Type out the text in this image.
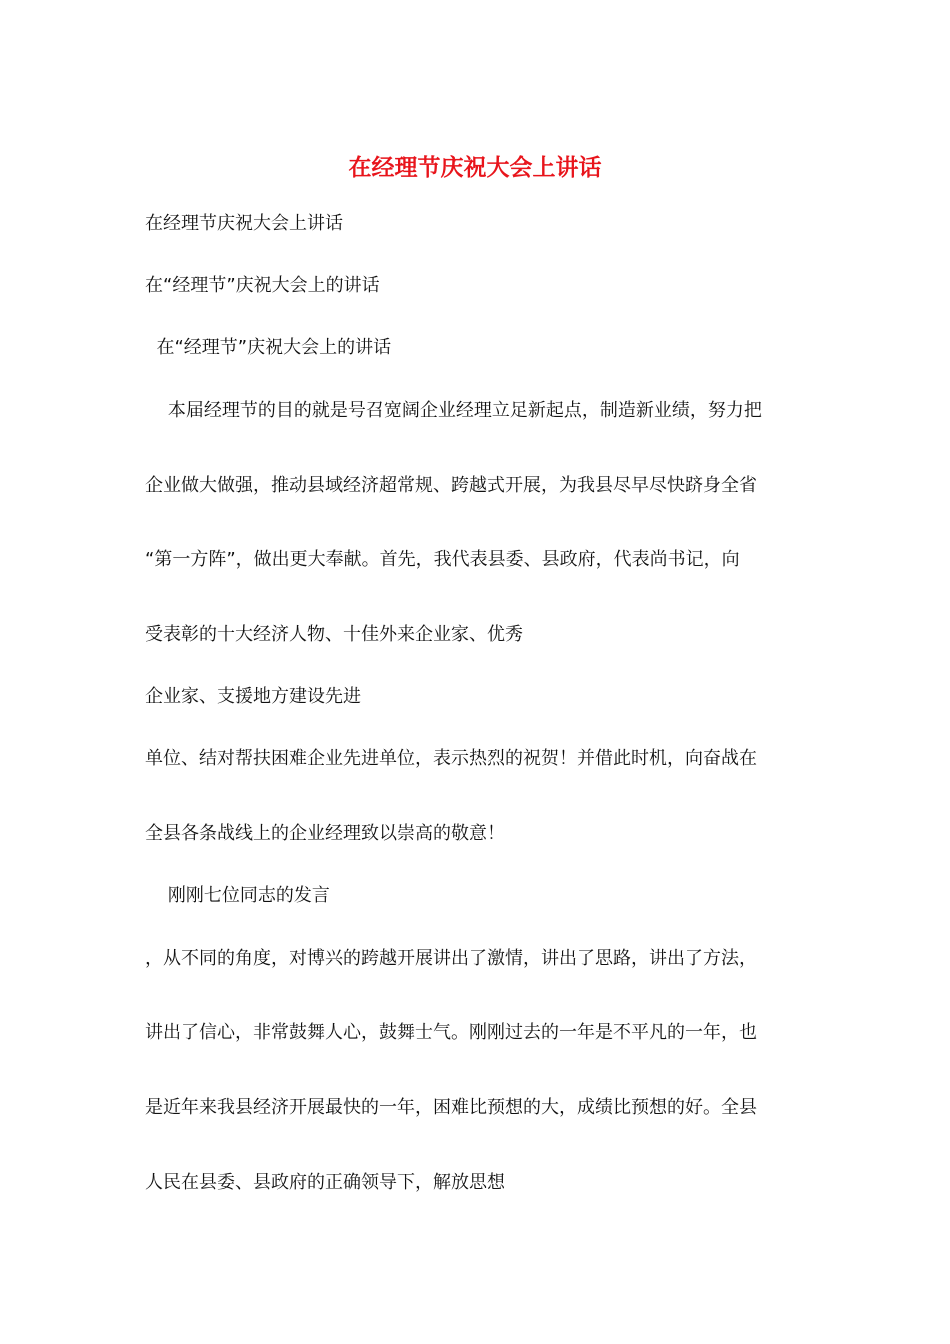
在经理节庆祝大会上讲话
在经理节庆祝大会上讲话
在“经理节”庆祝大会上的讲话
在“经理节”庆祝大会上的讲话
本届经理节的目的就是号召宽阔企业经理立足新起点，制造新业绩，努力把
企业做大做强，推动县域经济超常规、跨越式开展，为我县尽早尽快跻身全省
“第一方阵”，做出更大奉献。首先，我代表县委、县政府，代表尚书记，向
受表彰的十大经济人物、十佳外来企业家、优秀
企业家、支援地方建设先进
单位、结对帮扶困难企业先进单位，表示热烈的祝贺！并借此时机，向奋战在
全县各条战线上的企业经理致以崇高的敬意！
刚刚七位同志的发言
，从不同的角度，对博兴的跨越开展讲出了激情，讲出了思路，讲出了方法，
讲出了信心，非常鼓舞人心，鼓舞士气。刚刚过去的一年是不平凡的一年，也
是近年来我县经济开展最快的一年，困难比预想的大，成绩比预想的好。全县
人民在县委、县政府的正确领导下，解放思想
